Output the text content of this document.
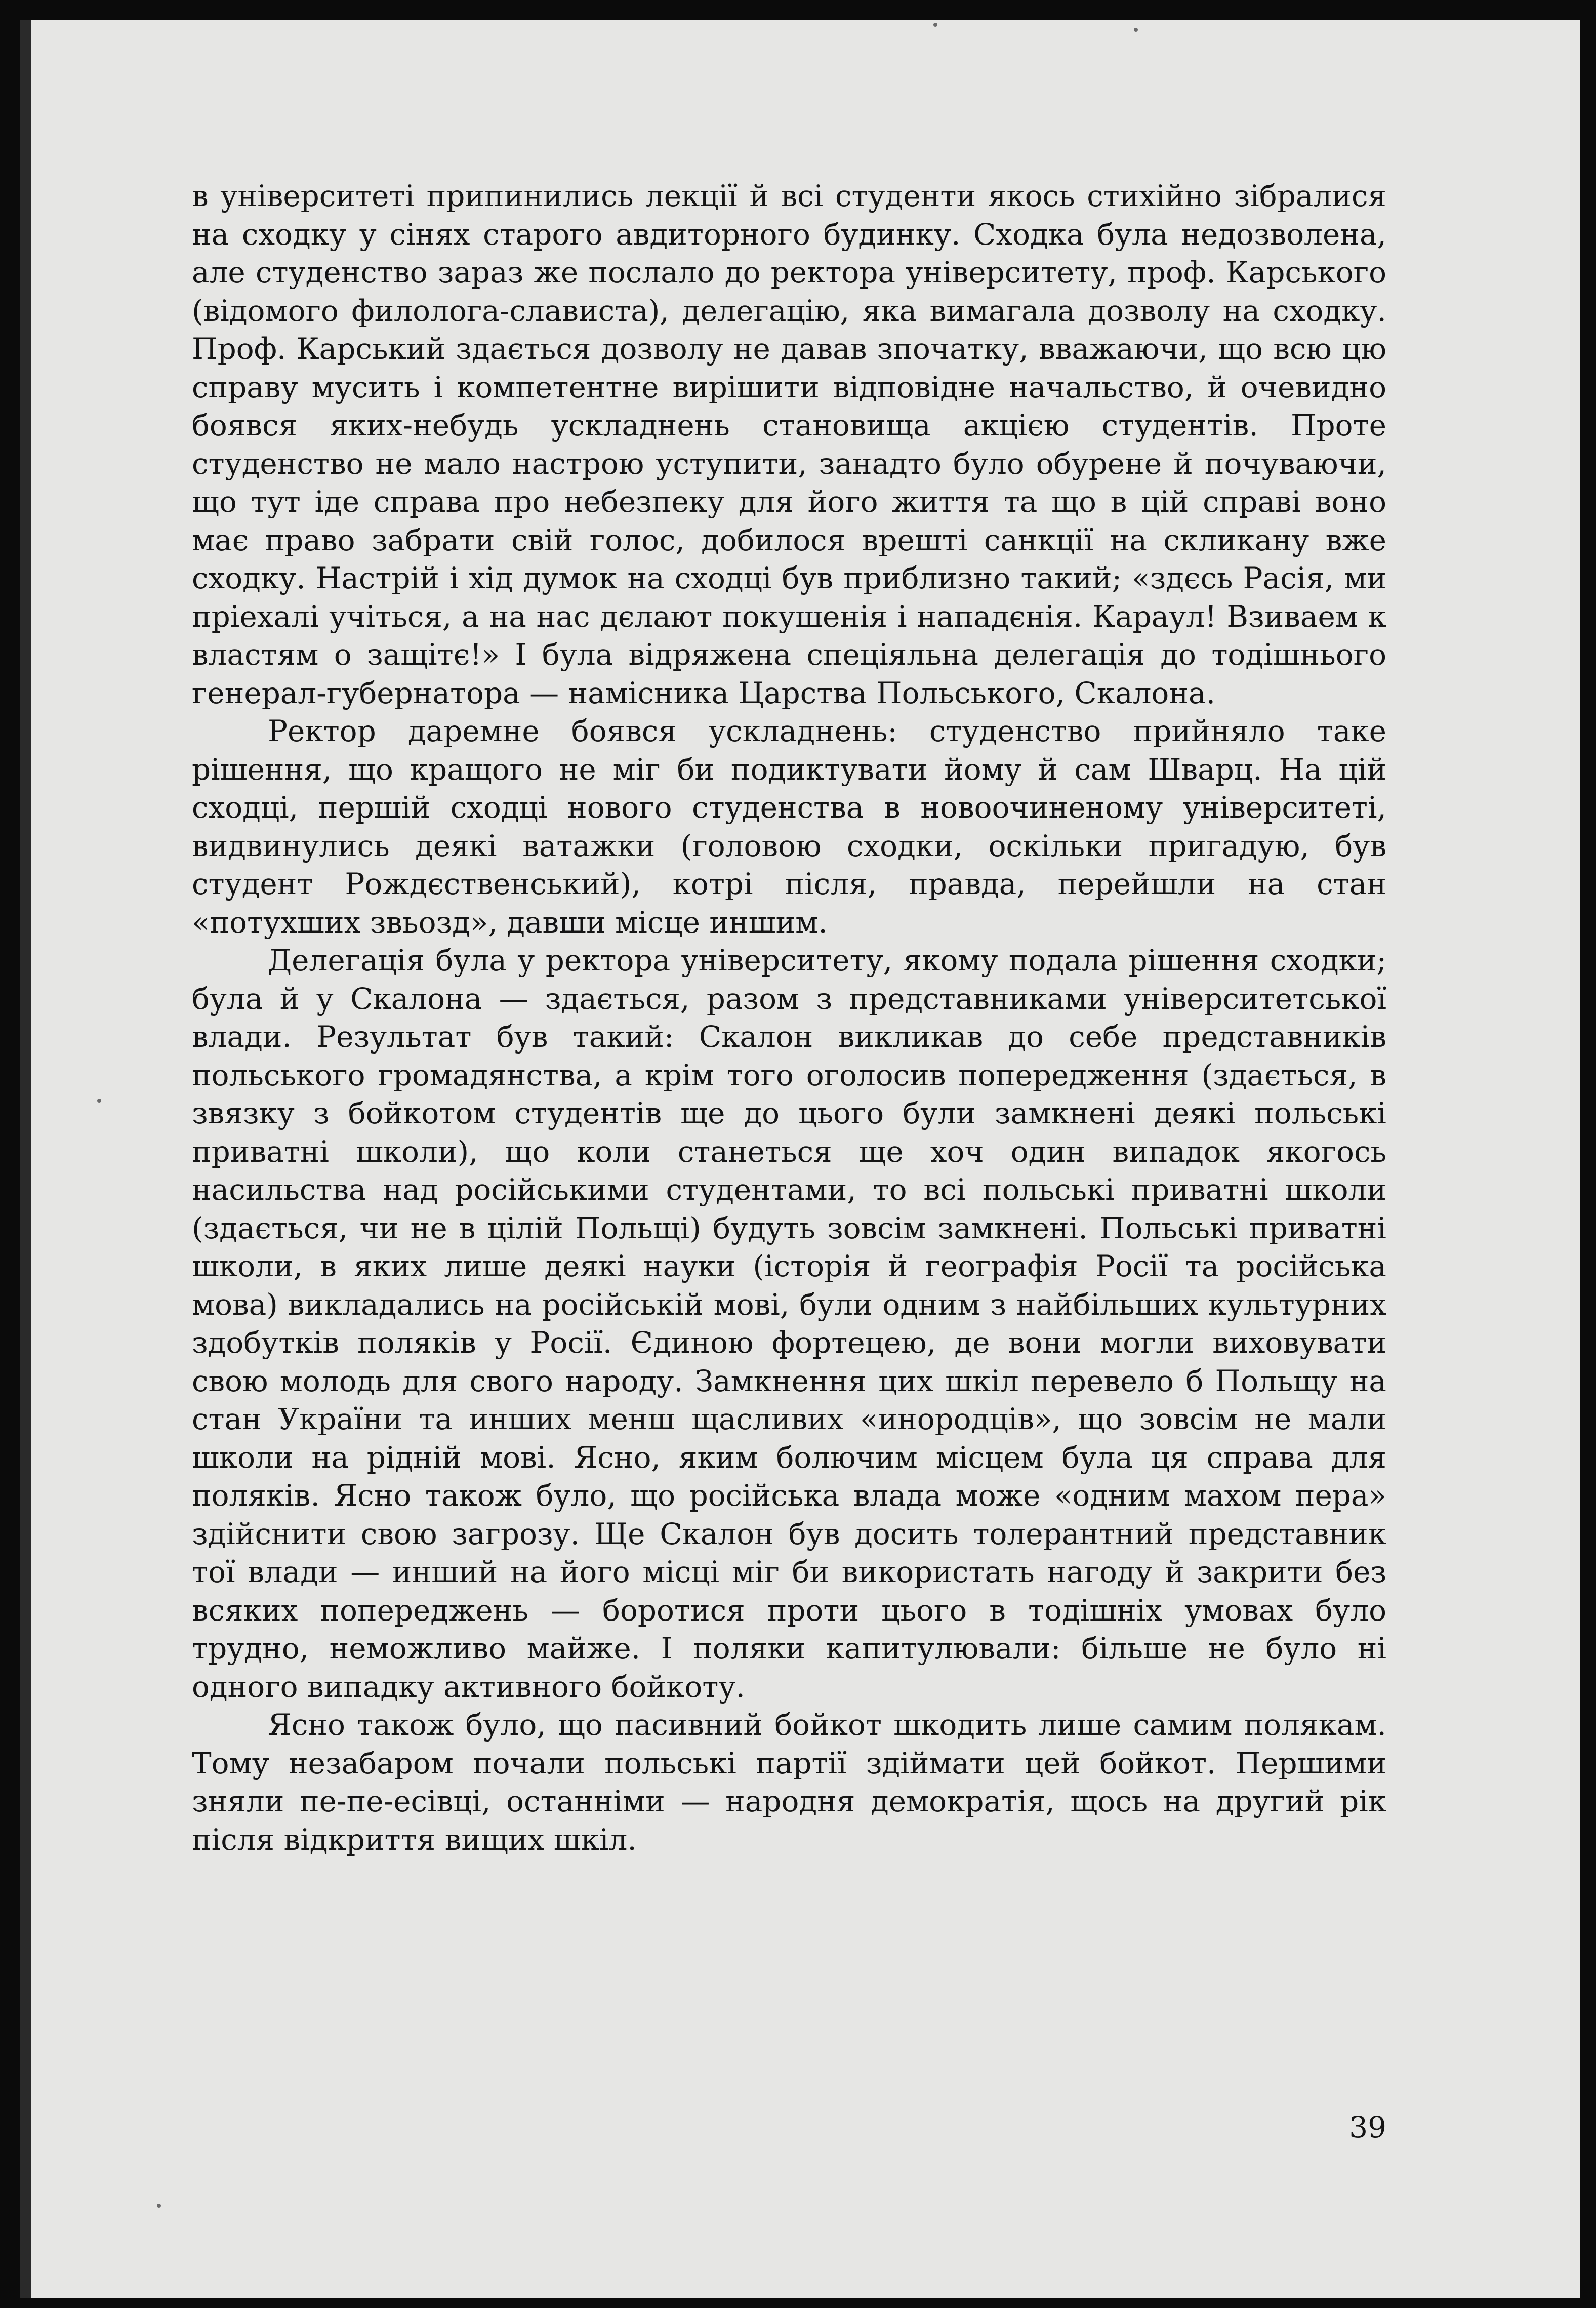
в університеті припинились лекції й всі студенти якось стихійно зібралися на сходку у сінях старого авдиторного будинку. Сходка була недозволена, але студенство зараз же послало до ректора університету, проф. Карського (відомого филолога-слависта), делегацію, яка вимагала дозволу на сходку. Проф. Карський здається дозволу не давав зпочатку, вважаючи, що всю цю справу мусить і компетентне вирішити відповідне начальство, й очевидно боявся яких-небудь ускладнень становища акцією студентів. Проте студенство не мало настрою уступити, занадто було обурене й почуваючи, що тут іде справа про небезпеку для його життя та що в цій справі воно має право забрати свій голос, добилося врешті санкції на скликану вже сходку. Настрій і хід думок на сходці був приблизно такий; «здєсь Расія, ми пріехалі учіться, а на нас дєлают покушенія і нападєнія. Караул! Взиваем к властям о защітє!» І була відряжена спеціяльна делегація до тодішнього генерал-губернатора — намісника Царства Польського, Скалона.

Ректор даремне боявся ускладнень: студенство прийняло таке рішення, що кращого не міг би подиктувати йому й сам Шварц. На цій сходці, першій сходці нового студенства в новоочиненому університеті, видвинулись деякі ватажки (головою сходки, оскільки пригадую, був студент Рождєственський), котрі після, правда, перейшли на стан «потухших звьозд», давши місце иншим.

Делегація була у ректора університету, якому подала рішення сходки; була й у Скалона — здається, разом з представниками університетської влади. Результат був такий: Скалон викликав до себе представників польського громадянства, а крім того оголосив попередження (здається, в звязку з бойкотом студентів ще до цього були замкнені деякі польські приватні школи), що коли станеться ще хоч один випадок якогось насильства над російськими студентами, то всі польські приватні школи (здається, чи не в цілій Польщі) будуть зовсім замкнені. Польські приватні школи, в яких лише деякі науки (історія й географія Росії та російська мова) викладались на російській мові, були одним з найбільших культурних здобутків поляків у Росії. Єдиною фортецею, де вони могли виховувати свою молодь для свого народу. Замкнення цих шкіл перевело б Польщу на стан України та инших менш щасливих «инородців», що зовсім не мали школи на рідній мові. Ясно, яким болючим місцем була ця справа для поляків. Ясно також було, що російська влада може «одним махом пера» здійснити свою загрозу. Ще Скалон був досить толерантний представник тої влади — инший на його місці міг би використать нагоду й закрити без всяких попереджень — боротися проти цього в тодішніх умовах було трудно, неможливо майже. І поляки капитулювали: більше не було ні одного випадку активного бойкоту.

Ясно також було, що пасивний бойкот шкодить лише самим полякам. Тому незабаром почали польські партії здіймати цей бойкот. Першими зняли пе-пе-есівці, останніми — народня демократія, щось на другий рік після відкриття вищих шкіл.

39
